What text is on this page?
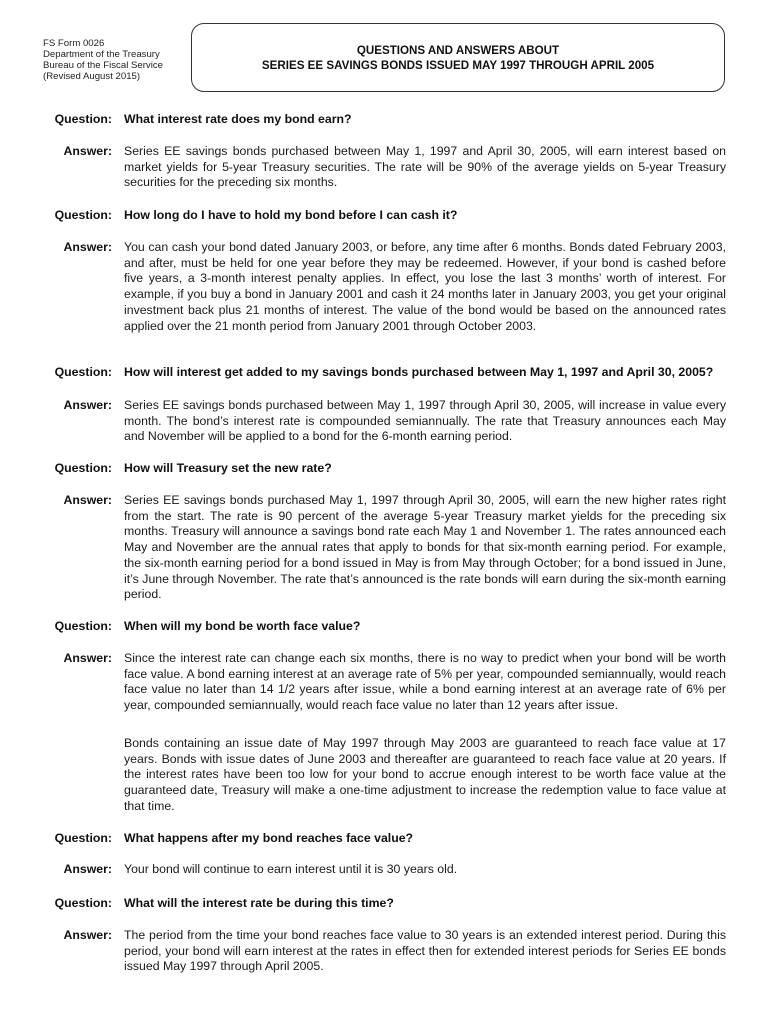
FS Form 0026
Department of the Treasury
Bureau of the Fiscal Service
(Revised August 2015)
QUESTIONS AND ANSWERS ABOUT
SERIES EE SAVINGS BONDS ISSUED MAY 1997 THROUGH APRIL 2005
Question: What interest rate does my bond earn?
Answer: Series EE savings bonds purchased between May 1, 1997 and April 30, 2005, will earn interest based on market yields for 5-year Treasury securities. The rate will be 90% of the average yields on 5-year Treasury securities for the preceding six months.
Question: How long do I have to hold my bond before I can cash it?
Answer: You can cash your bond dated January 2003, or before, any time after 6 months. Bonds dated February 2003, and after, must be held for one year before they may be redeemed. However, if your bond is cashed before five years, a 3-month interest penalty applies. In effect, you lose the last 3 months’ worth of interest. For example, if you buy a bond in January 2001 and cash it 24 months later in January 2003, you get your original investment back plus 21 months of interest. The value of the bond would be based on the announced rates applied over the 21 month period from January 2001 through October 2003.
Question: How will interest get added to my savings bonds purchased between May 1, 1997 and April 30, 2005?
Answer: Series EE savings bonds purchased between May 1, 1997 through April 30, 2005, will increase in value every month. The bond’s interest rate is compounded semiannually. The rate that Treasury announces each May and November will be applied to a bond for the 6-month earning period.
Question: How will Treasury set the new rate?
Answer: Series EE savings bonds purchased May 1, 1997 through April 30, 2005, will earn the new higher rates right from the start. The rate is 90 percent of the average 5-year Treasury market yields for the preceding six months. Treasury will announce a savings bond rate each May 1 and November 1. The rates announced each May and November are the annual rates that apply to bonds for that six-month earning period. For example, the six-month earning period for a bond issued in May is from May through October; for a bond issued in June, it’s June through November. The rate that’s announced is the rate bonds will earn during the six-month earning period.
Question: When will my bond be worth face value?
Answer: Since the interest rate can change each six months, there is no way to predict when your bond will be worth face value. A bond earning interest at an average rate of 5% per year, compounded semiannually, would reach face value no later than 14 1/2 years after issue, while a bond earning interest at an average rate of 6% per year, compounded semiannually, would reach face value no later than 12 years after issue.
Bonds containing an issue date of May 1997 through May 2003 are guaranteed to reach face value at 17 years. Bonds with issue dates of June 2003 and thereafter are guaranteed to reach face value at 20 years. If the interest rates have been too low for your bond to accrue enough interest to be worth face value at the guaranteed date, Treasury will make a one-time adjustment to increase the redemption value to face value at that time.
Question: What happens after my bond reaches face value?
Answer: Your bond will continue to earn interest until it is 30 years old.
Question: What will the interest rate be during this time?
Answer: The period from the time your bond reaches face value to 30 years is an extended interest period. During this period, your bond will earn interest at the rates in effect then for extended interest periods for Series EE bonds issued May 1997 through April 2005.
